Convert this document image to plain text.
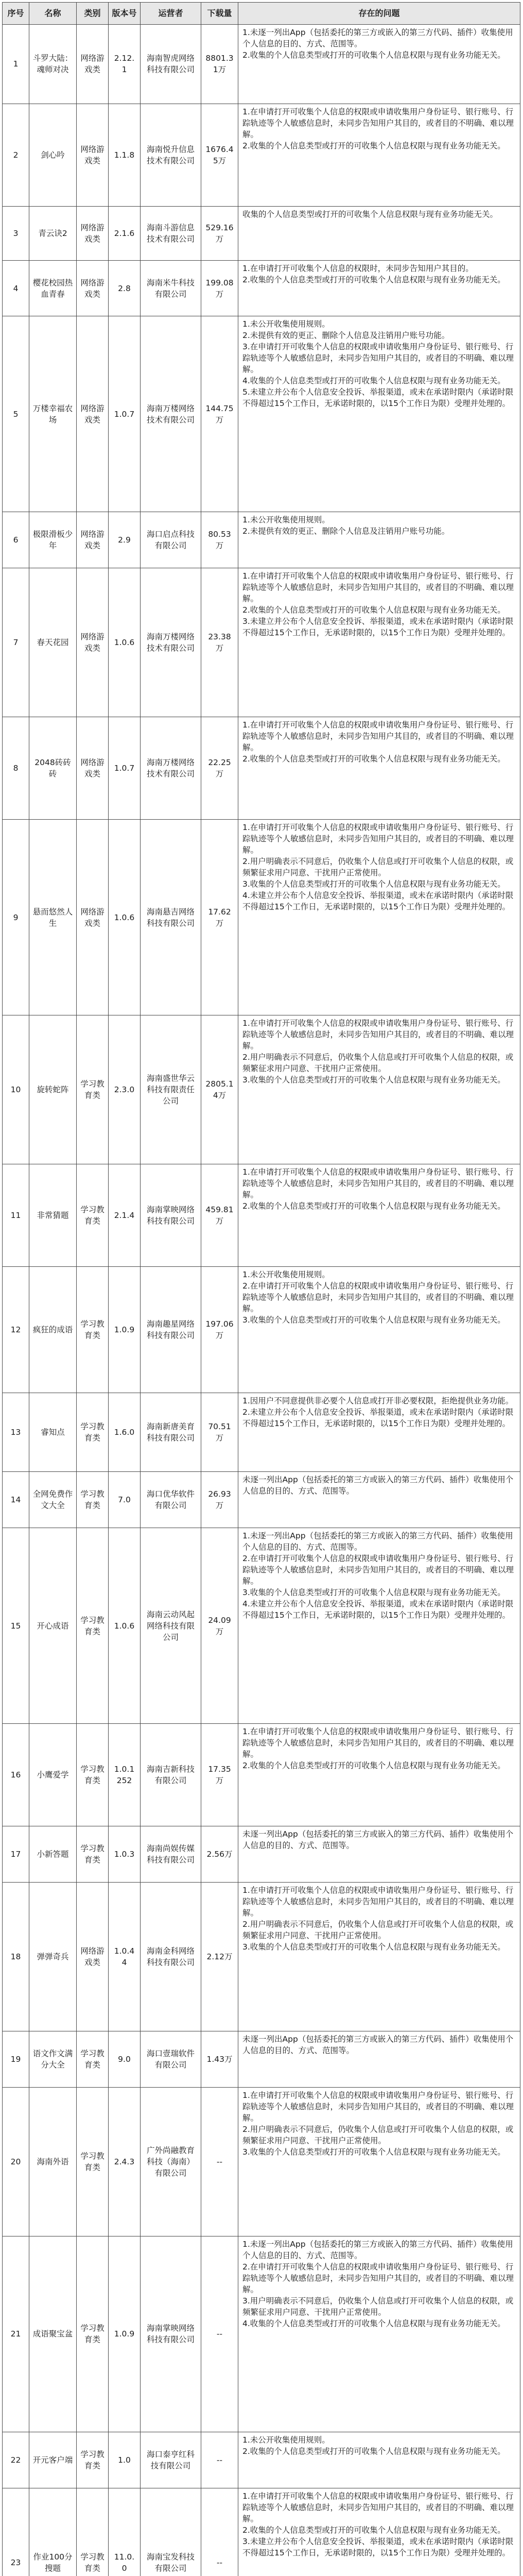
序号	名称	类别	版本号	运营者	下载量	存在的问题
1	斗罗大陆：魂师对决	网络游戏类	2.12.1	海南智虎网络科技有限公司	8801.31万	1.未逐一列出App（包括委托的第三方或嵌入的第三方代码、插件）收集使用个人信息的目的、方式、范围等。
2.收集的个人信息类型或打开的可收集个人信息权限与现有业务功能无关。

2	剑心吟	网络游戏类	1.1.8	海南悦升信息技术有限公司	1676.45万	1.在申请打开可收集个人信息的权限或申请收集用户身份证号、银行账号、行踪轨迹等个人敏感信息时，未同步告知用户其目的，或者目的不明确、难以理解。
2.收集的个人信息类型或打开的可收集个人信息权限与现有业务功能无关。

3	青云诀2	网络游戏类	2.1.6	海南斗游信息技术有限公司	529.16万	收集的个人信息类型或打开的可收集个人信息权限与现有业务功能无关。

4	樱花校园热血青春	网络游戏类	2.8	海南米牛科技有限公司	199.08万	1.在申请打开可收集个人信息的权限时，未同步告知用户其目的。
2.收集的个人信息类型或打开的可收集个人信息权限与现有业务功能无关。

5	万楼幸福农场	网络游戏类	1.0.7	海南万楼网络技术有限公司	144.75万	1.未公开收集使用规则。
2.未提供有效的更正、删除个人信息及注销用户账号功能。
3.在申请打开可收集个人信息的权限或申请收集用户身份证号、银行账号、行踪轨迹等个人敏感信息时，未同步告知用户其目的，或者目的不明确、难以理解。
4.收集的个人信息类型或打开的可收集个人信息权限与现有业务功能无关。
5.未建立并公布个人信息安全投诉、举报渠道，或未在承诺时限内（承诺时限不得超过15个工作日，无承诺时限的，以15个工作日为限）受理并处理的。

6	极限滑板少年	网络游戏类	2.9	海口启点科技有限公司	80.53万	1.未公开收集使用规则。
2.未提供有效的更正、删除个人信息及注销用户账号功能。

7	春天花园	网络游戏类	1.0.6	海南万楼网络技术有限公司	23.38万	1.在申请打开可收集个人信息的权限或申请收集用户身份证号、银行账号、行踪轨迹等个人敏感信息时，未同步告知用户其目的，或者目的不明确、难以理解。
2.收集的个人信息类型或打开的可收集个人信息权限与现有业务功能无关。
3.未建立并公布个人信息安全投诉、举报渠道，或未在承诺时限内（承诺时限不得超过15个工作日，无承诺时限的，以15个工作日为限）受理并处理的。

8	2048砖砖砖	网络游戏类	1.0.7	海南万楼网络技术有限公司	22.25万	1.在申请打开可收集个人信息的权限或申请收集用户身份证号、银行账号、行踪轨迹等个人敏感信息时，未同步告知用户其目的，或者目的不明确、难以理解。
2.收集的个人信息类型或打开的可收集个人信息权限与现有业务功能无关。

9	悬而悠然人生	网络游戏类	1.0.6	海南悬吉网络科技有限公司	17.62万	1.在申请打开可收集个人信息的权限或申请收集用户身份证号、银行账号、行踪轨迹等个人敏感信息时，未同步告知用户其目的，或者目的不明确、难以理解。
2.用户明确表示不同意后，仍收集个人信息或打开可收集个人信息的权限，或频繁征求用户同意、干扰用户正常使用。
3.收集的个人信息类型或打开的可收集个人信息权限与现有业务功能无关。
4.未建立并公布个人信息安全投诉、举报渠道，或未在承诺时限内（承诺时限不得超过15个工作日，无承诺时限的，以15个工作日为限）受理并处理的。

10	旋转蛇阵	学习教育类	2.3.0	海南盛世华云科技有限责任公司	2805.14万	1.在申请打开可收集个人信息的权限或申请收集用户身份证号、银行账号、行踪轨迹等个人敏感信息时，未同步告知用户其目的，或者目的不明确、难以理解。
2.用户明确表示不同意后，仍收集个人信息或打开可收集个人信息的权限，或频繁征求用户同意、干扰用户正常使用。
3.收集的个人信息类型或打开的可收集个人信息权限与现有业务功能无关。

11	非常猜题	学习教育类	2.1.4	海南掌映网络科技有限公司	459.81万	1.在申请打开可收集个人信息的权限或申请收集用户身份证号、银行账号、行踪轨迹等个人敏感信息时，未同步告知用户其目的，或者目的不明确、难以理解。
2.收集的个人信息类型或打开的可收集个人信息权限与现有业务功能无关。

12	疯狂的成语	学习教育类	1.0.9	海南趣星网络科技有限公司	197.06万	1.未公开收集使用规则。
2.在申请打开可收集个人信息的权限或申请收集用户身份证号、银行账号、行踪轨迹等个人敏感信息时，未同步告知用户其目的，或者目的不明确、难以理解。
3.收集的个人信息类型或打开的可收集个人信息权限与现有业务功能无关。

13	睿知点	学习教育类	1.6.0	海南新唐美育科技有限公司	70.51万	1.因用户不同意提供非必要个人信息或打开非必要权限，拒绝提供业务功能。
2.未建立并公布个人信息安全投诉、举报渠道，或未在承诺时限内（承诺时限不得超过15个工作日，无承诺时限的，以15个工作日为限）受理并处理的。

14	全网免费作文大全	学习教育类	7.0	海口优华软件有限公司	26.93万	未逐一列出App（包括委托的第三方或嵌入的第三方代码、插件）收集使用个人信息的目的、方式、范围等。

15	开心成语	学习教育类	1.0.6	海南云动风起网络科技有限公司	24.09万	1.未逐一列出App（包括委托的第三方或嵌入的第三方代码、插件）收集使用个人信息的目的、方式、范围等。
2.在申请打开可收集个人信息的权限或申请收集用户身份证号、银行账号、行踪轨迹等个人敏感信息时，未同步告知用户其目的，或者目的不明确、难以理解。
3.收集的个人信息类型或打开的可收集个人信息权限与现有业务功能无关。
4.未建立并公布个人信息安全投诉、举报渠道，或未在承诺时限内（承诺时限不得超过15个工作日，无承诺时限的，以15个工作日为限）受理并处理的。

16	小鹰爱学	学习教育类	1.0.1252	海南吉新科技有限公司	17.35万	1.在申请打开可收集个人信息的权限或申请收集用户身份证号、银行账号、行踪轨迹等个人敏感信息时，未同步告知用户其目的，或者目的不明确、难以理解。
2.收集的个人信息类型或打开的可收集个人信息权限与现有业务功能无关。

17	小新答题	学习教育类	1.0.3	海南尚娱传媒科技有限公司	2.56万	未逐一列出App（包括委托的第三方或嵌入的第三方代码、插件）收集使用个人信息的目的、方式、范围等。

18	弹弹奇兵	网络游戏类	1.0.44	海南金科网络科技有限公司	2.12万	1.在申请打开可收集个人信息的权限或申请收集用户身份证号、银行账号、行踪轨迹等个人敏感信息时，未同步告知用户其目的，或者目的不明确、难以理解。
2.用户明确表示不同意后，仍收集个人信息或打开可收集个人信息的权限，或频繁征求用户同意、干扰用户正常使用。
3.收集的个人信息类型或打开的可收集个人信息权限与现有业务功能无关。

19	语文作文满分大全	学习教育类	9.0	海口壹瑞软件有限公司	1.43万	未逐一列出App（包括委托的第三方或嵌入的第三方代码、插件）收集使用个人信息的目的、方式、范围等。

20	海南外语	学习教育类	2.4.3	广外尚融教育科技（海南）有限公司	--	1.在申请打开可收集个人信息的权限或申请收集用户身份证号、银行账号、行踪轨迹等个人敏感信息时，未同步告知用户其目的，或者目的不明确、难以理解。
2.用户明确表示不同意后，仍收集个人信息或打开可收集个人信息的权限，或频繁征求用户同意、干扰用户正常使用。
3.收集的个人信息类型或打开的可收集个人信息权限与现有业务功能无关。

21	成语聚宝盆	学习教育类	1.0.9	海南掌映网络科技有限公司	--	1.未逐一列出App（包括委托的第三方或嵌入的第三方代码、插件）收集使用个人信息的目的、方式、范围等。
2.在申请打开可收集个人信息的权限或申请收集用户身份证号、银行账号、行踪轨迹等个人敏感信息时，未同步告知用户其目的，或者目的不明确、难以理解。
3.用户明确表示不同意后，仍收集个人信息或打开可收集个人信息的权限，或频繁征求用户同意、干扰用户正常使用。
4.收集的个人信息类型或打开的可收集个人信息权限与现有业务功能无关。

22	开元客户端	学习教育类	1.0	海口泰亨红科技有限公司	--	1.未公开收集使用规则。
2.收集的个人信息类型或打开的可收集个人信息权限与现有业务功能无关。

23	作业100分搜题	学习教育类	11.0.0	海南宝发科技有限公司	--	1.在申请打开可收集个人信息的权限或申请收集用户身份证号、银行账号、行踪轨迹等个人敏感信息时，未同步告知用户其目的，或者目的不明确、难以理解。
2.收集的个人信息类型或打开的可收集个人信息权限与现有业务功能无关。
3.未建立并公布个人信息安全投诉、举报渠道，或未在承诺时限内（承诺时限不得超过15个工作日，无承诺时限的，以15个工作日为限）受理并处理的。
